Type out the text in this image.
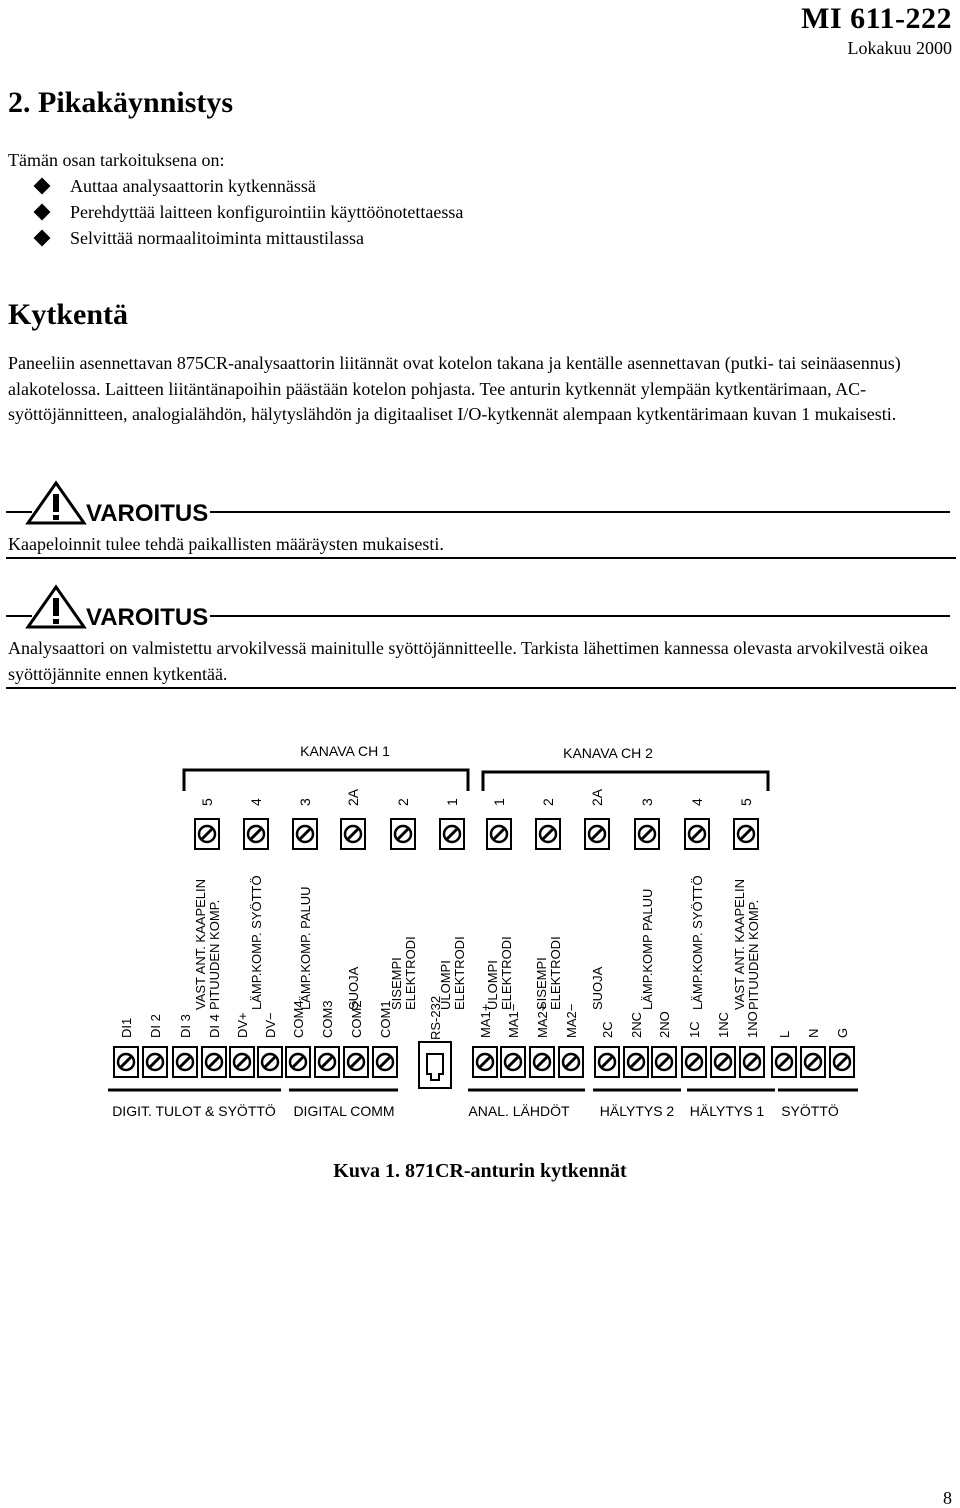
MI 611-222
Lokakuu 2000
2. Pikakäynnistys

Tämän osan tarkoituksena on:

Auttaa analysaattorin kytkennässä
Perehdyttää laitteen konfigurointiin käyttöönotettaessa
Selvittää normaalitoiminta mittaustilassa
Kytkentä

Paneeliin asennettavan 875CR-analysaattorin liitännät ovat kotelon takana ja kentälle asennettavan (putki- tai seinäasennus) alakotelossa. Laitteen liitäntänapoihin päästään kotelon pohjasta. Tee anturin kytkennät ylempään kytkentärimaan, AC-syöttöjännitteen, analogialähdön, hälytyslähdön ja digitaaliset I/O-kytkennät alempaan kytkentärimaan kuvan 1 mukaisesti.

VAROITUS
Kaapeloinnit tulee tehdä paikallisten määräysten mukaisesti.
VAROITUS
Analysaattori on valmistettu arvokilvessä mainitulle syöttöjännitteelle. Tarkista lähettimen kannessa olevasta arvokilvestä oikea syöttöjännite ennen kytkentää.
KANAVA CH 1	KANAVA CH 2
5
VAST ANT. KAAPELIN PITUUDEN KOMP.
4
LÄMP.KOMP. SYÖTTÖ
3
LÄMP.KOMP. PALUU
2A
SUOJA
2
SISEMPI ELEKTRODI
1
ULOMPI ELEKTRODI
1
ULOMPI ELEKTRODI
2
SISEMPI ELEKTRODI
2A
SUOJA
3
LÄMP.KOMP PALUU
4
LÄMP.KOMP. SYÖTTÖ
5
VAST ANT. KAAPELIN PITUUDEN KOMP.
DI1 DI 2 DI 3 DI 4 DV+ DV− COM4 COM3 COM2 COM1	RS-232	MA1+ MA1− MA2+ MA2− 2C 2NC 2NO 1C 1NC 1NO L N G
DIGIT. TULOT & SYÖTTÖ DIGITAL COMM	ANAL. LÄHDÖT HÄLYTYS 2 HÄLYTYS 1 SYÖTTÖ
Kuva 1. 871CR-anturin kytkennät
8
